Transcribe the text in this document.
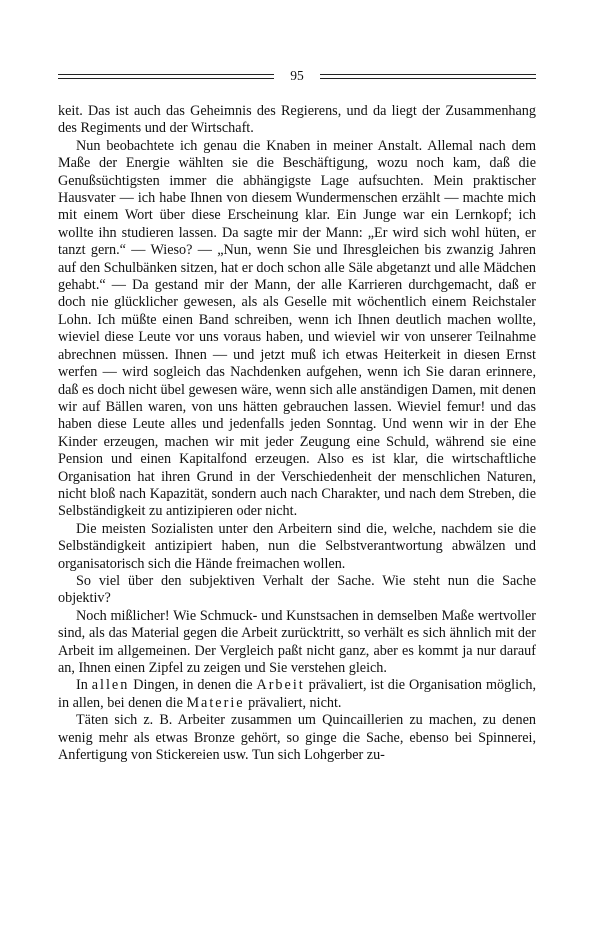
95

keit. Das ist auch das Geheimnis des Regierens, und da liegt der Zusammenhang des Regiments und der Wirtschaft.

Nun beobachtete ich genau die Knaben in meiner Anstalt. Allemal nach dem Maße der Energie wählten sie die Beschäftigung, wozu noch kam, daß die Genußsüchtigsten immer die abhängigste Lage aufsuchten. Mein praktischer Hausvater — ich habe Ihnen von diesem Wundermenschen erzählt — machte mich mit einem Wort über diese Erscheinung klar. Ein Junge war ein Lernkopf; ich wollte ihn studieren lassen. Da sagte mir der Mann: „Er wird sich wohl hüten, er tanzt gern.“ — Wieso? — „Nun, wenn Sie und Ihresgleichen bis zwanzig Jahren auf den Schulbänken sitzen, hat er doch schon alle Säle abgetanzt und alle Mädchen gehabt.“ — Da gestand mir der Mann, der alle Karrieren durchgemacht, daß er doch nie glücklicher gewesen, als als Geselle mit wöchentlich einem Reichstaler Lohn. Ich müßte einen Band schreiben, wenn ich Ihnen deutlich machen wollte, wieviel diese Leute vor uns voraus haben, und wieviel wir von unserer Teilnahme abrechnen müssen. Ihnen — und jetzt muß ich etwas Heiterkeit in diesen Ernst werfen — wird sogleich das Nachdenken aufgehen, wenn ich Sie daran erinnere, daß es doch nicht übel gewesen wäre, wenn sich alle anständigen Damen, mit denen wir auf Bällen waren, von uns hätten gebrauchen lassen. Wieviel femur! und das haben diese Leute alles und jedenfalls jeden Sonntag. Und wenn wir in der Ehe Kinder erzeugen, machen wir mit jeder Zeugung eine Schuld, während sie eine Pension und einen Kapitalfond erzeugen. Also es ist klar, die wirtschaftliche Organisation hat ihren Grund in der Verschiedenheit der menschlichen Naturen, nicht bloß nach Kapazität, sondern auch nach Charakter, und nach dem Streben, die Selbständigkeit zu antizipieren oder nicht.

Die meisten Sozialisten unter den Arbeitern sind die, welche, nachdem sie die Selbständigkeit antizipiert haben, nun die Selbstverantwortung abwälzen und organisatorisch sich die Hände freimachen wollen.

So viel über den subjektiven Verhalt der Sache. Wie steht nun die Sache objektiv?

Noch mißlicher! Wie Schmuck- und Kunstsachen in demselben Maße wertvoller sind, als das Material gegen die Arbeit zurücktritt, so verhält es sich ähnlich mit der Arbeit im allgemeinen. Der Vergleich paßt nicht ganz, aber es kommt ja nur darauf an, Ihnen einen Zipfel zu zeigen und Sie verstehen gleich.

In allen Dingen, in denen die Arbeit prävaliert, ist die Organisation möglich, in allen, bei denen die Materie prävaliert, nicht.

Täten sich z. B. Arbeiter zusammen um Quincaillerien zu machen, zu denen wenig mehr als etwas Bronze gehört, so ginge die Sache, ebenso bei Spinnerei, Anfertigung von Stickereien usw. Tun sich Lohgerber zu-
